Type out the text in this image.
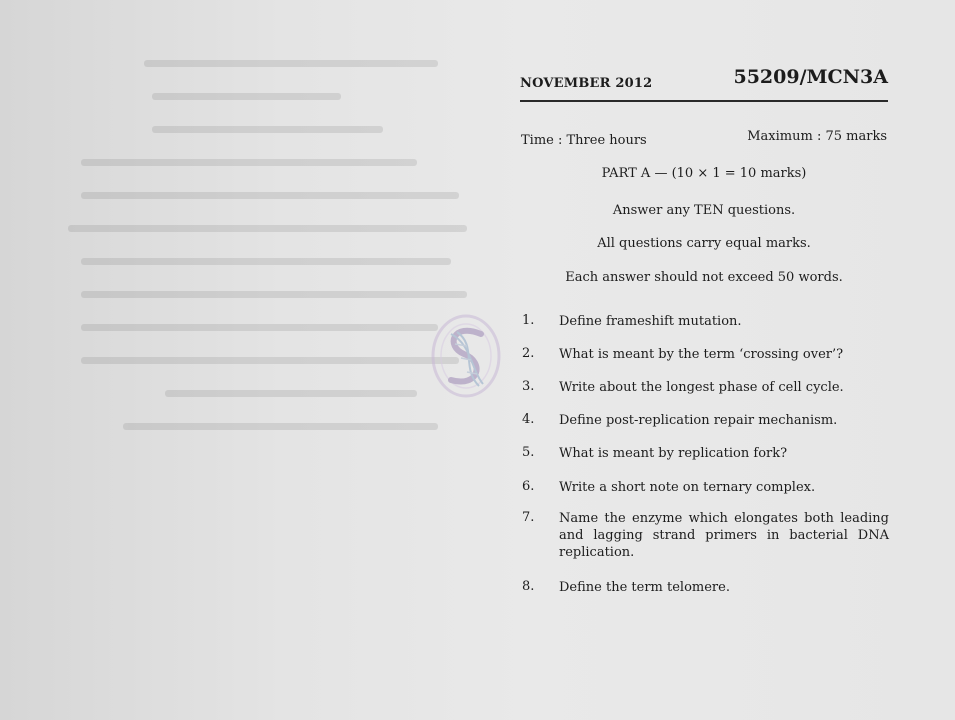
NOVEMBER 2012	55209/MCN3A
Time : Three hours	Maximum : 75 marks
PART A — (10 × 1 = 10 marks)
Answer any TEN questions.
All questions carry equal marks.
Each answer should not exceed 50 words.
1.	Define frameshift mutation.
2.	What is meant by the term ‘crossing over’?
3.	Write about the longest phase of cell cycle.
4.	Define post-replication repair mechanism.
5.	What is meant by replication fork?
6.	Write a short note on ternary complex.
7.	Name the enzyme which elongates both leading and lagging strand primers in bacterial DNA replication.
8.	Define the term telomere.
